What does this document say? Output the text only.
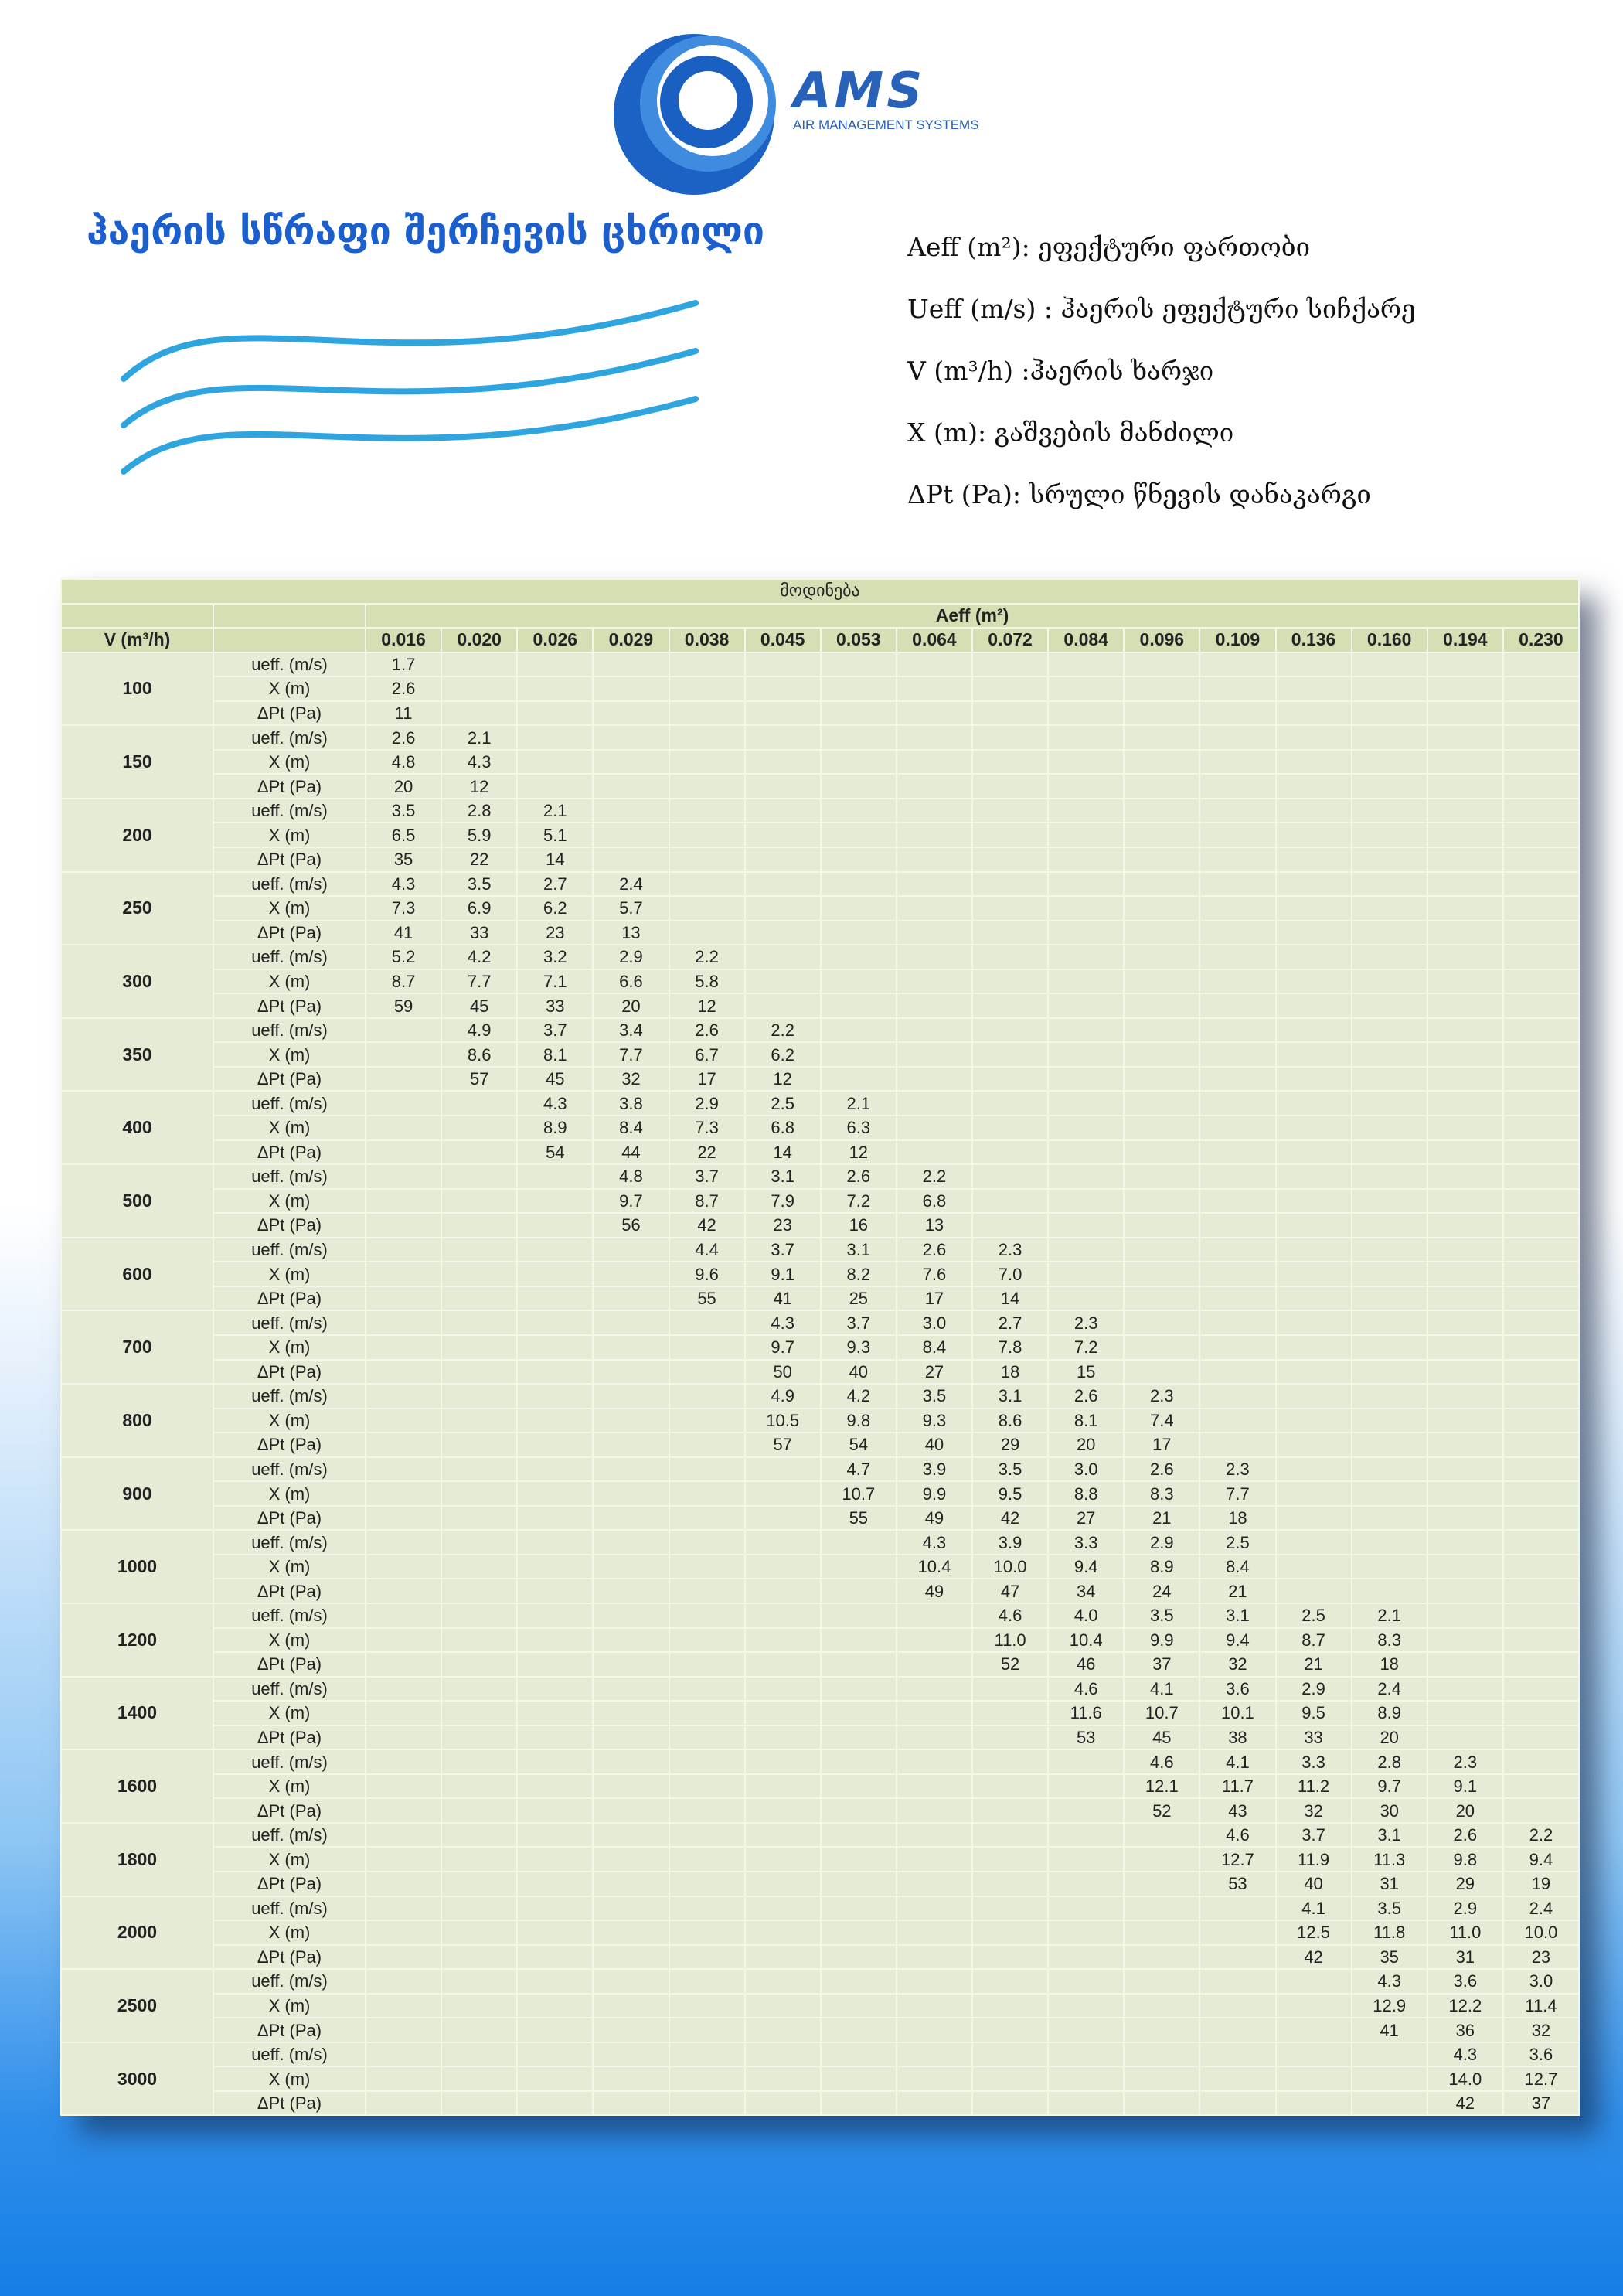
AMS
AIR MANAGEMENT SYSTEMS
ჰაერის სწრაფი შერჩევის ცხრილი	Aeff (m²): ეფექტური ფართობი
Ueff (m/s) : ჰაერის ეფექტური სიჩქარე
V (m³/h) :ჰაერის ხარჯი
X (m): გაშვების მანძილი
ΔPt (Pa): სრული წნევის დანაკარგი
მოდინება																	
		Aeff (m²)															
V (m³/h)		0.016	0.020	0.026	0.029	0.038	0.045	0.053	0.064	0.072	0.084	0.096	0.109	0.136	0.160	0.194	0.230
100	ueff. (m/s)	1.7															
	X (m)	2.6															
	ΔPt (Pa)	11															
150	ueff. (m/s)	2.6	2.1														
	X (m)	4.8	4.3														
	ΔPt (Pa)	20	12														
200	ueff. (m/s)	3.5	2.8	2.1													
	X (m)	6.5	5.9	5.1													
	ΔPt (Pa)	35	22	14													
250	ueff. (m/s)	4.3	3.5	2.7	2.4												
	X (m)	7.3	6.9	6.2	5.7												
	ΔPt (Pa)	41	33	23	13												
300	ueff. (m/s)	5.2	4.2	3.2	2.9	2.2											
	X (m)	8.7	7.7	7.1	6.6	5.8											
	ΔPt (Pa)	59	45	33	20	12											
350	ueff. (m/s)		4.9	3.7	3.4	2.6	2.2										
	X (m)		8.6	8.1	7.7	6.7	6.2										
	ΔPt (Pa)		57	45	32	17	12										
400	ueff. (m/s)			4.3	3.8	2.9	2.5	2.1									
	X (m)			8.9	8.4	7.3	6.8	6.3									
	ΔPt (Pa)			54	44	22	14	12									
500	ueff. (m/s)				4.8	3.7	3.1	2.6	2.2								
	X (m)				9.7	8.7	7.9	7.2	6.8								
	ΔPt (Pa)				56	42	23	16	13								
600	ueff. (m/s)					4.4	3.7	3.1	2.6	2.3							
	X (m)					9.6	9.1	8.2	7.6	7.0							
	ΔPt (Pa)					55	41	25	17	14							
700	ueff. (m/s)						4.3	3.7	3.0	2.7	2.3						
	X (m)						9.7	9.3	8.4	7.8	7.2						
	ΔPt (Pa)						50	40	27	18	15						
800	ueff. (m/s)						4.9	4.2	3.5	3.1	2.6	2.3					
	X (m)						10.5	9.8	9.3	8.6	8.1	7.4					
	ΔPt (Pa)						57	54	40	29	20	17					
900	ueff. (m/s)							4.7	3.9	3.5	3.0	2.6	2.3				
	X (m)							10.7	9.9	9.5	8.8	8.3	7.7				
	ΔPt (Pa)							55	49	42	27	21	18				
1000	ueff. (m/s)								4.3	3.9	3.3	2.9	2.5				
	X (m)								10.4	10.0	9.4	8.9	8.4				
	ΔPt (Pa)								49	47	34	24	21				
1200	ueff. (m/s)									4.6	4.0	3.5	3.1	2.5	2.1		
	X (m)									11.0	10.4	9.9	9.4	8.7	8.3		
	ΔPt (Pa)									52	46	37	32	21	18		
1400	ueff. (m/s)										4.6	4.1	3.6	2.9	2.4		
	X (m)										11.6	10.7	10.1	9.5	8.9		
	ΔPt (Pa)										53	45	38	33	20		
1600	ueff. (m/s)											4.6	4.1	3.3	2.8	2.3	
	X (m)											12.1	11.7	11.2	9.7	9.1	
	ΔPt (Pa)											52	43	32	30	20	
1800	ueff. (m/s)												4.6	3.7	3.1	2.6	2.2
	X (m)												12.7	11.9	11.3	9.8	9.4
	ΔPt (Pa)												53	40	31	29	19
2000	ueff. (m/s)													4.1	3.5	2.9	2.4
	X (m)													12.5	11.8	11.0	10.0
	ΔPt (Pa)													42	35	31	23
2500	ueff. (m/s)														4.3	3.6	3.0
	X (m)														12.9	12.2	11.4
	ΔPt (Pa)														41	36	32
3000	ueff. (m/s)															4.3	3.6
	X (m)															14.0	12.7
	ΔPt (Pa)															42	37
